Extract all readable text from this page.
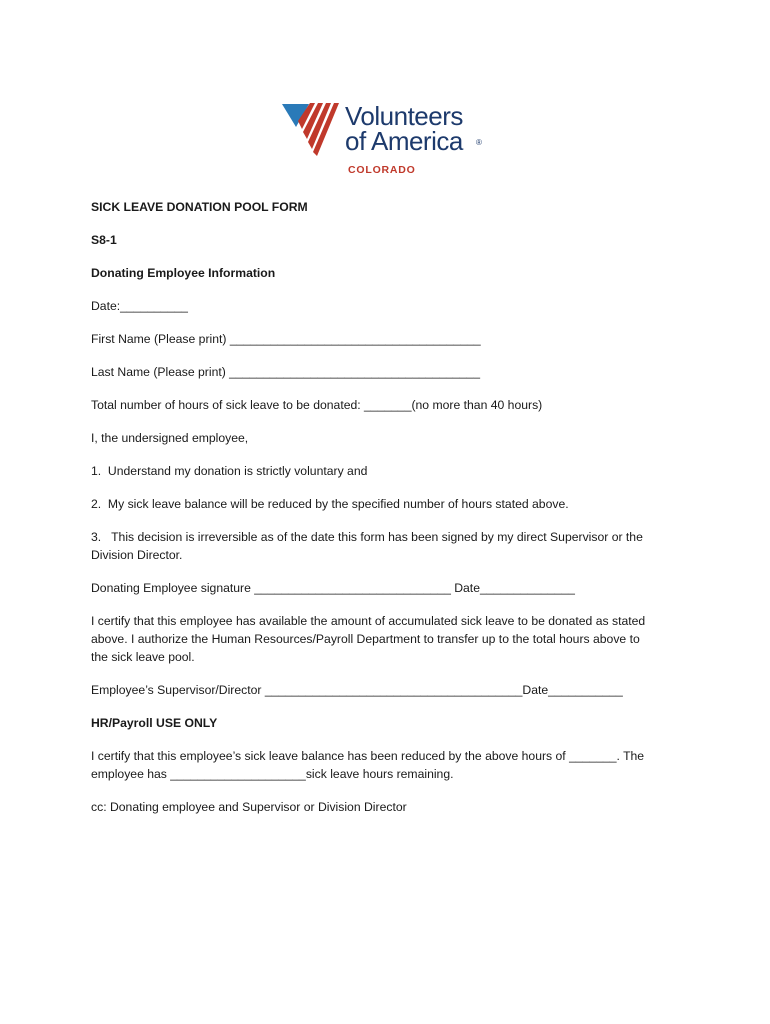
Volunteers
of America ®
COLORADO

SICK LEAVE DONATION POOL FORM

S8-1

Donating Employee Information

Date:__________

First Name (Please print) _____________________________________

Last Name (Please print) _____________________________________

Total number of hours of sick leave to be donated: _______(no more than 40 hours)

I, the undersigned employee,

1.  Understand my donation is strictly voluntary and

2.  My sick leave balance will be reduced by the specified number of hours stated above.

3.   This decision is irreversible as of the date this form has been signed by my direct Supervisor or the

Division Director.

Donating Employee signature _____________________________ Date______________

I certify that this employee has available the amount of accumulated sick leave to be donated as stated

above. I authorize the Human Resources/Payroll Department to transfer up to the total hours above to

the sick leave pool.

Employee’s Supervisor/Director ______________________________________Date___________

HR/Payroll USE ONLY

I certify that this employee’s sick leave balance has been reduced by the above hours of _______. The

employee has ____________________sick leave hours remaining.

cc: Donating employee and Supervisor or Division Director
